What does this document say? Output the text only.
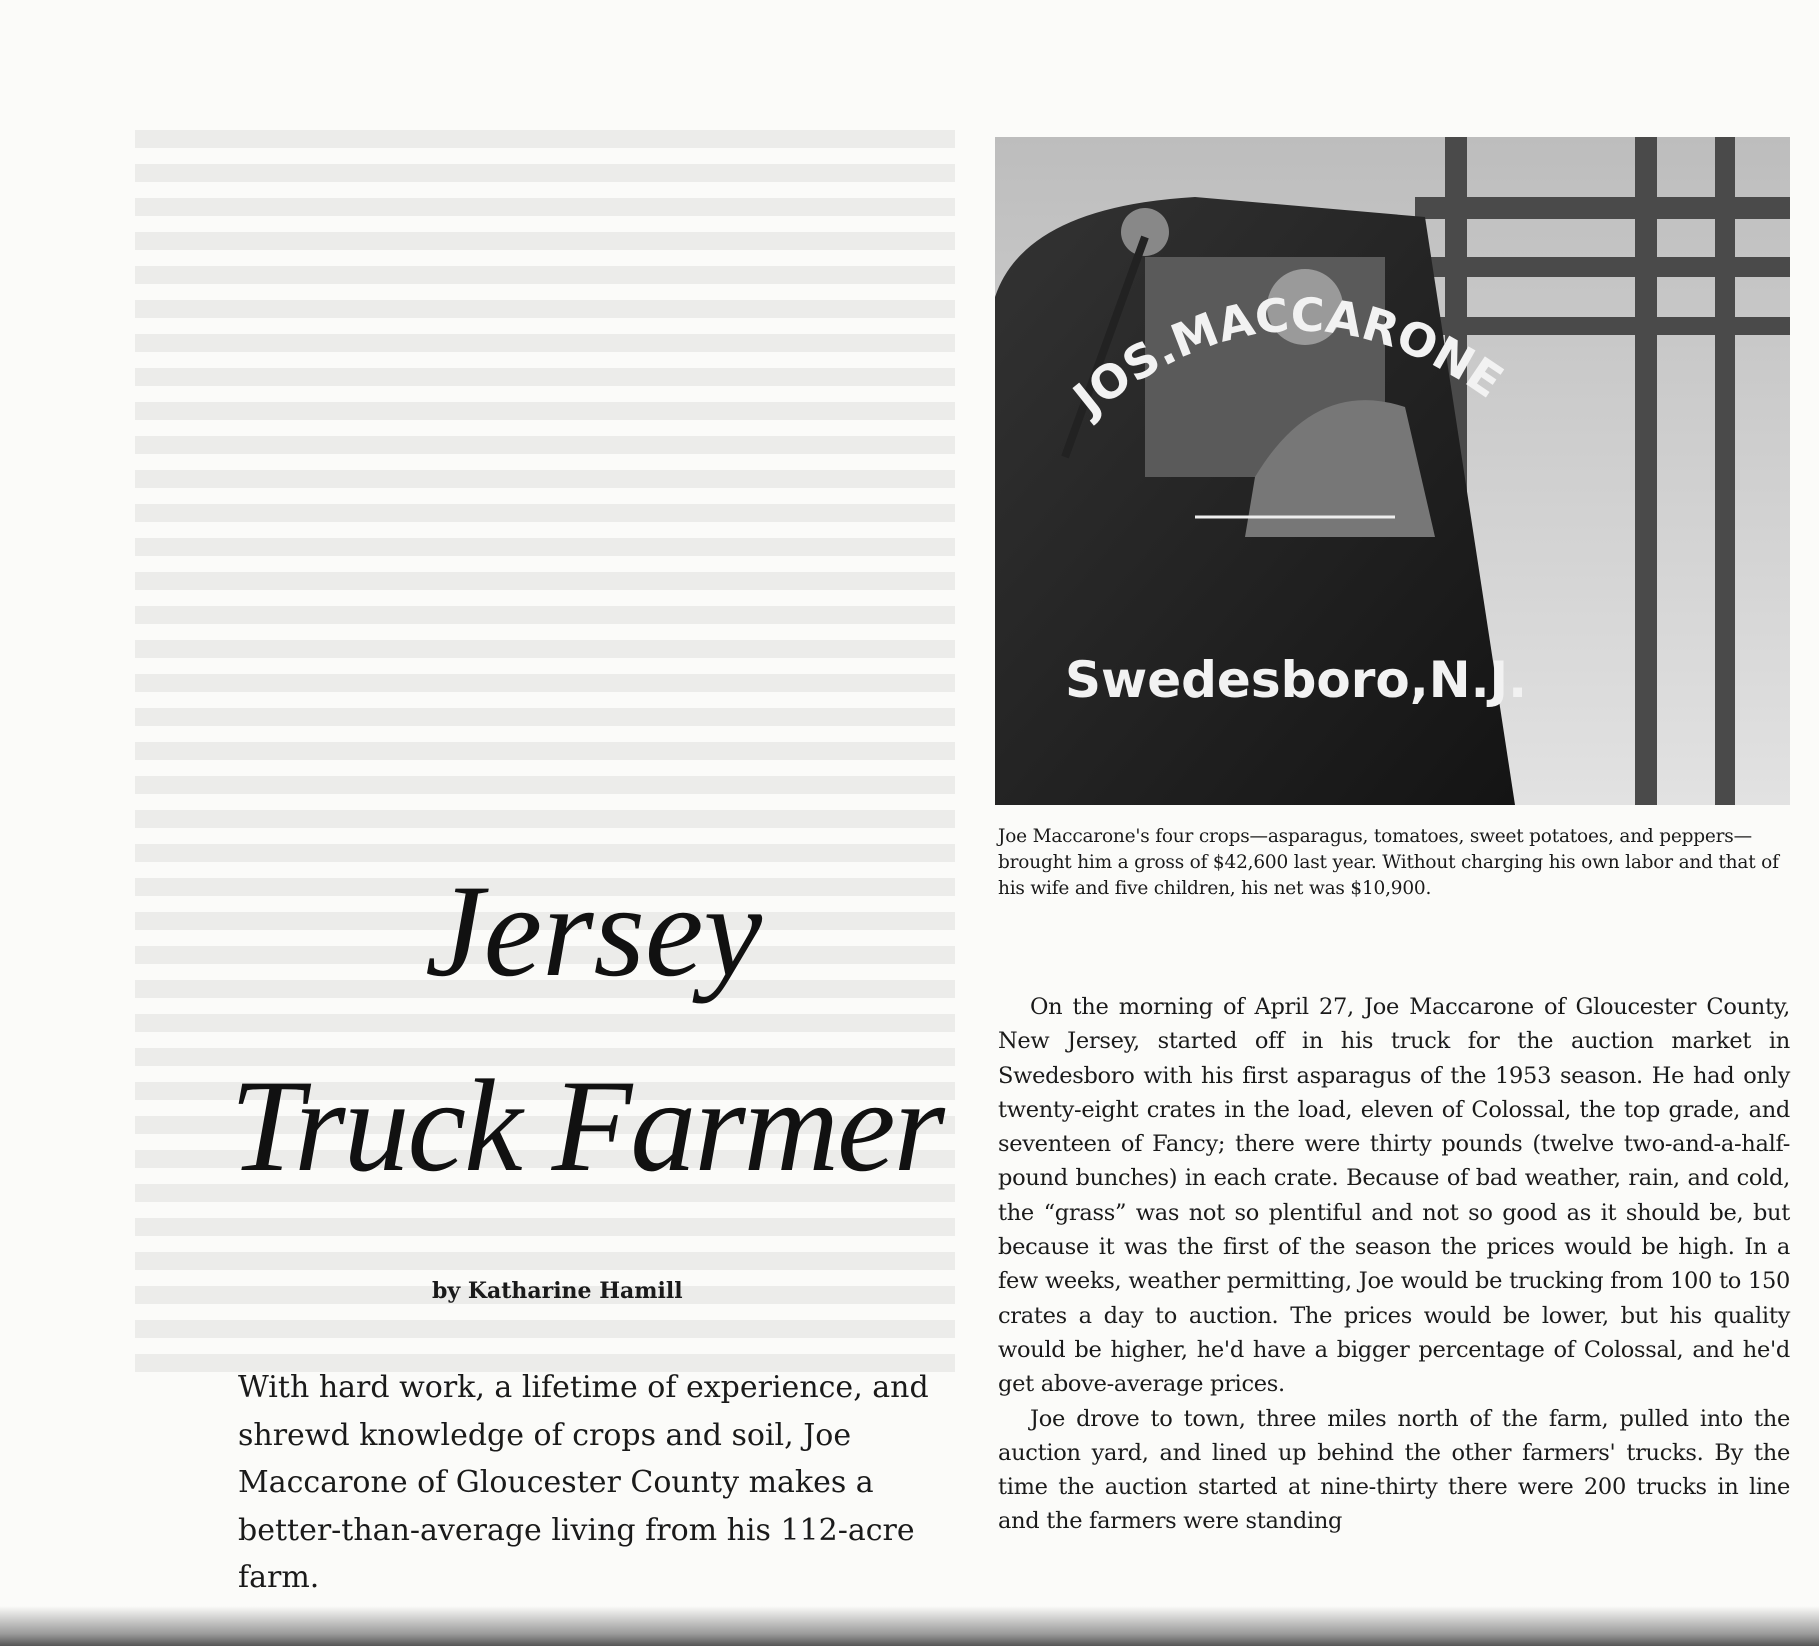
JOS.MACCARONE
Swedesboro,N.J.
Joe Maccarone's four crops—asparagus, tomatoes, sweet potatoes, and peppers—brought him a gross of $42,600 last year. Without charging his own labor and that of his wife and five children, his net was $10,900.
Jersey
Truck Farmer
by Katharine Hamill
With hard work, a lifetime of experience, and shrewd knowledge of crops and soil, Joe Maccarone of Gloucester County makes a better-than-average living from his 112-acre farm.

On the morning of April 27, Joe Maccarone of Gloucester County, New Jersey, started off in his truck for the auction market in Swedesboro with his first asparagus of the 1953 season. He had only twenty-eight crates in the load, eleven of Colossal, the top grade, and seventeen of Fancy; there were thirty pounds (twelve two-and-a-half-pound bunches) in each crate. Because of bad weather, rain, and cold, the “grass” was not so plentiful and not so good as it should be, but because it was the first of the season the prices would be high. In a few weeks, weather permitting, Joe would be trucking from 100 to 150 crates a day to auction. The prices would be lower, but his quality would be higher, he'd have a bigger percentage of Colossal, and he'd get above-average prices.

Joe drove to town, three miles north of the farm, pulled into the auction yard, and lined up behind the other farmers' trucks. By the time the auction started at nine-thirty there were 200 trucks in line and the farmers were standing
